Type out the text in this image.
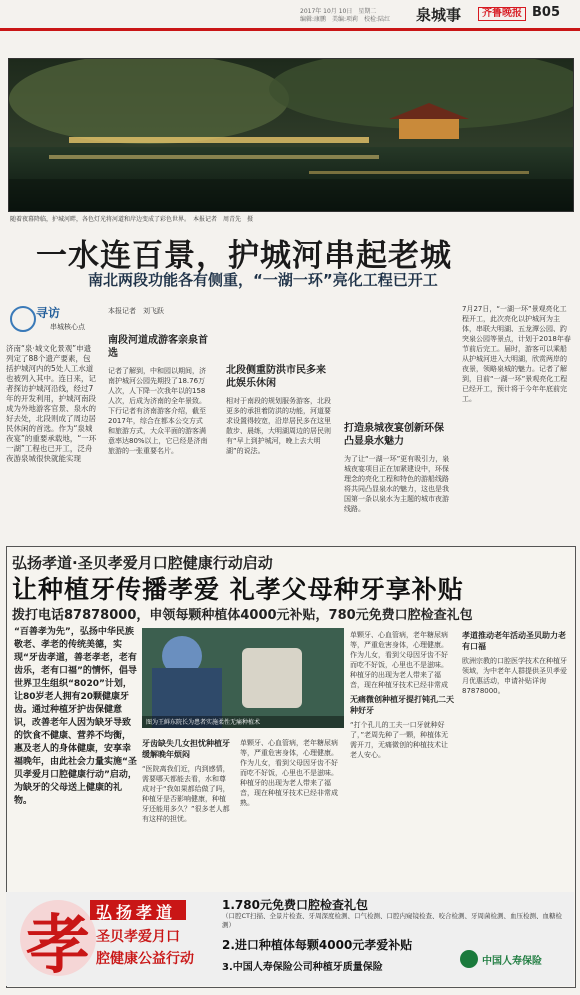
2017年 10月 10日　星期二
编辑:康鹏　美编:项莉　校检:陆红	泉城事	齐鲁晚报 B05
随着夜幕降临，护城河畔，各色灯光将河道和岸边变成了彩色世界。　本报记者　周青先　摄
一水连百景，护城河串起老城
南北两段功能各有侧重，“一湖一环”亮化工程已开工
寻访
串城核心点
济南“泉·城文化景观”申遗列定了88个遗产要素，包括护城河内的5处人工水道也被列入其中。连日来，记者探访护城河沿线，经过7年的开发利用，护城河南段成为外地游客官景、泉水的好去处，北段则成了周边居民休闲的首选。作为“泉城夜宴”的重要承载地，“一环一湖”工程也已开工，泛舟夜游泉城很快就能实现
本报记者　刘飞跃
南段河道成游客亲泉首选
记者了解到，中和园以期间，济南护城河公园先期投了18.76万人次，人下降一次我年以的158人次，后成为济南的全年景致。下行记者有济南游客介绍，截至2017年，综合在都本公交方式和旅游方式，大众平面的游客满意率达80%以上，它已经是济南旅游的一张重要名片。
北段侧重防洪市民多来此娱乐休闲
相对于南段的规划服务游客，北段更多的承担着防洪的功能，河道要求设置得较宽，沿岸居民多在这里散步、晨练，大明湖周边的居民则有“早上到护城河，晚上去大明湖”的说法。
打造泉城夜宴创新环保凸显泉水魅力
为了让“一湖一环”更有吸引力，泉城夜宴项目正在加紧建设中，环保理念的亮化工程和特色的游船线路将共同凸显泉水的魅力，这也是我国第一条以泉水为主题的城市夜游线路。
7月27日，“一湖一环”景观亮化工程开工，此次亮化以护城河为主体，串联大明湖、五龙潭公园、趵突泉公园等景点，计划于2018年春节前后完工。届时，游客可以乘船从护城河进入大明湖，欣赏两岸的夜景，领略泉城的魅力。记者了解到，目前“一湖一环”景观亮化工程已经开工，预计将于今年年底前完工。
弘扬孝道·圣贝孝爱月口腔健康行动启动
让种植牙传播孝爱 礼孝父母种牙享补贴
拨打电话87878000，申领每颗种植体4000元补贴，780元免费口腔检查礼包
“百善孝为先”，弘扬中华民族敬老、孝老的传统美德，实现“牙齿孝道，善老孝老，老有齿乐，老有口福”的情怀，倡导世界卫生组织“8020”计划，让80岁老人拥有20颗健康牙齿。通过种植牙护齿保健意识，改善老年人因为缺牙导致的饮食不健康、营养不均衡，惠及老人的身体健康，安享幸福晚年，由此社会力量实施“圣贝孝爱月口腔健康行动”启动，为缺牙的父母送上健康的礼物。
图为王鲜东院长为患者实施柔性无痛种植术
牙齿缺失几女担忧种植牙缓解晚年烦闷
“医院离我们近，内到感情，需要哪天都能去看，水和尊成对于“我如果都给做了吗，种植牙是否影响健康，种植牙还能用多久？”很多老人都有这样的担忧。
单颗牙、心血管病，老年糖尿病等，严重危害身体，心理健康。作为儿女，看到父母因牙齿不好而吃不好饭，心里也不是滋味。种植牙的出现为老人带来了福音，现在种植牙技术已经非常成熟。
单颗牙、心血管病，老年糖尿病等，严重危害身体，心理健康。作为儿女，看到父母因牙齿不好而吃不好饭，心里也不是滋味。种植牙的出现为老人带来了福音，现在种植牙技术已经非常成
无痛微创种植牙提打钝孔二天种好牙
“打个孔儿的工夫一口牙就种好了，”老周先种了一颗，种植体无需开刀，无痛微创的种植技术让老人安心。
孝道推动老年活动圣贝助力老有口福
欧洲宗教的口腔医学技术在种植牙领域，为中老年人群提供圣贝孝爱月优惠活动，申请补贴详询87878000。
孝 弘扬孝道
圣贝孝爱月口
腔健康公益行动
1.780元免费口腔检查礼包
（口腔CT扫描、全景片检查、牙周深度检测、口气检测、口腔内窥镜检查、咬合检测、牙周菌检测、血压检测、血糖检测）
2.进口种植体每颗4000元孝爱补贴
3.中国人寿保险公司种植牙质量保险
中国人寿保险
